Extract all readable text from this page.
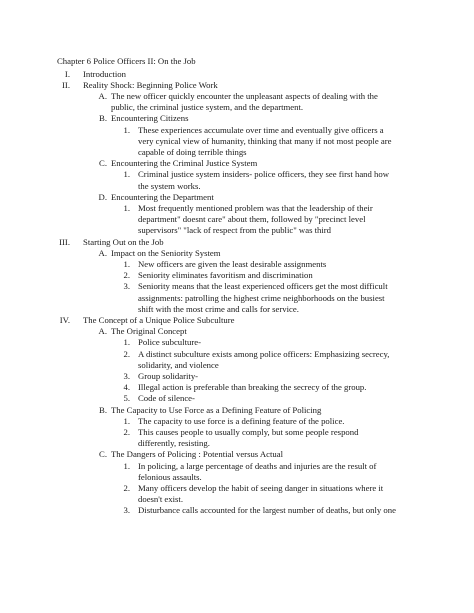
Chapter 6 Police Officers II: On the Job
I. Introduction
II. Reality Shock: Beginning Police Work
A. The new officer quickly encounter the unpleasant aspects of dealing with the
public, the criminal justice system, and the department.
B. Encountering Citizens
1. These experiences accumulate over time and eventually give officers a
very cynical view of humanity, thinking that many if not most people are
capable of doing terrible things
C. Encountering the Criminal Justice System
1. Criminal justice system insiders- police officers, they see first hand how
the system works.
D. Encountering the Department
1. Most frequently mentioned problem was that the leadership of their
department" doesnt care" about them, followed by "precinct level
supervisors" "lack of respect from the public" was third
III. Starting Out on the Job
A. Impact on the Seniority System
1. New officers are given the least desirable assignments
2. Seniority eliminates favoritism and discrimination
3. Seniority means that the least experienced officers get the most difficult
assignments: patrolling the highest crime neighborhoods on the busiest
shift with the most crime and calls for service.
IV. The Concept of a Unique Police Subculture
A. The Original Concept
1. Police subculture-
2. A distinct subculture exists among police officers: Emphasizing secrecy,
solidarity, and violence
3. Group solidarity-
4. Illegal action is preferable than breaking the secrecy of the group.
5. Code of silence-
B. The Capacity to Use Force as a Defining Feature of Policing
1. The capacity to use force is a defining feature of the police.
2. This causes people to usually comply, but some people respond
differently, resisting.
C. The Dangers of Policing : Potential versus Actual
1. In policing, a large percentage of deaths and injuries are the result of
felonious assaults.
2. Many officers develop the habit of seeing danger in situations where it
doesn't exist.
3. Disturbance calls accounted for the largest number of deaths, but only one
